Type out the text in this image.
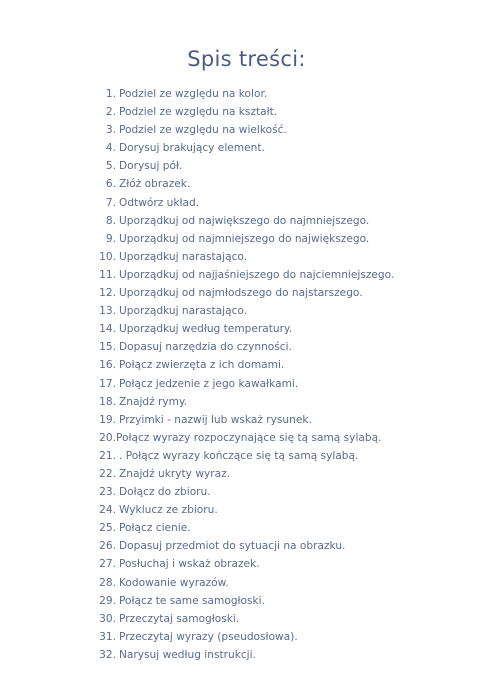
Spis treści:
1. Podziel ze względu na kolor.
2. Podziel ze względu na kształt.
3. Podziel ze względu na wielkość.
4. Dorysuj brakujący element.
5. Dorysuj pół.
6. Złóż obrazek.
7. Odtwórz układ.
8. Uporządkuj od największego do najmniejszego.
9. Uporządkuj od najmniejszego do największego.
10. Uporządkuj narastająco.
11. Uporządkuj od najjaśniejszego do najciemniejszego.
12. Uporządkuj od najmłodszego do najstarszego.
13. Uporządkuj narastająco.
14. Uporządkuj według temperatury.
15. Dopasuj narzędzia do czynności.
16. Połącz zwierzęta z ich domami.
17. Połącz jedzenie z jego kawałkami.
18. Znajdź rymy.
19. Przyimki - nazwij lub wskaż rysunek.
20. Połącz wyrazy rozpoczynające się tą samą sylabą.
21. . Połącz wyrazy kończące się tą samą sylabą.
22. Znajdź ukryty wyraz.
23. Dołącz do zbioru.
24. Wyklucz ze zbioru.
25. Połącz cienie.
26. Dopasuj przedmiot do sytuacji na obrazku.
27. Posłuchaj i wskaż obrazek.
28. Kodowanie wyrazów.
29. Połącz te same samogłoski.
30. Przeczytaj samogłoski.
31. Przeczytaj wyrazy (pseudosłowa).
32. Narysuj według instrukcji.
